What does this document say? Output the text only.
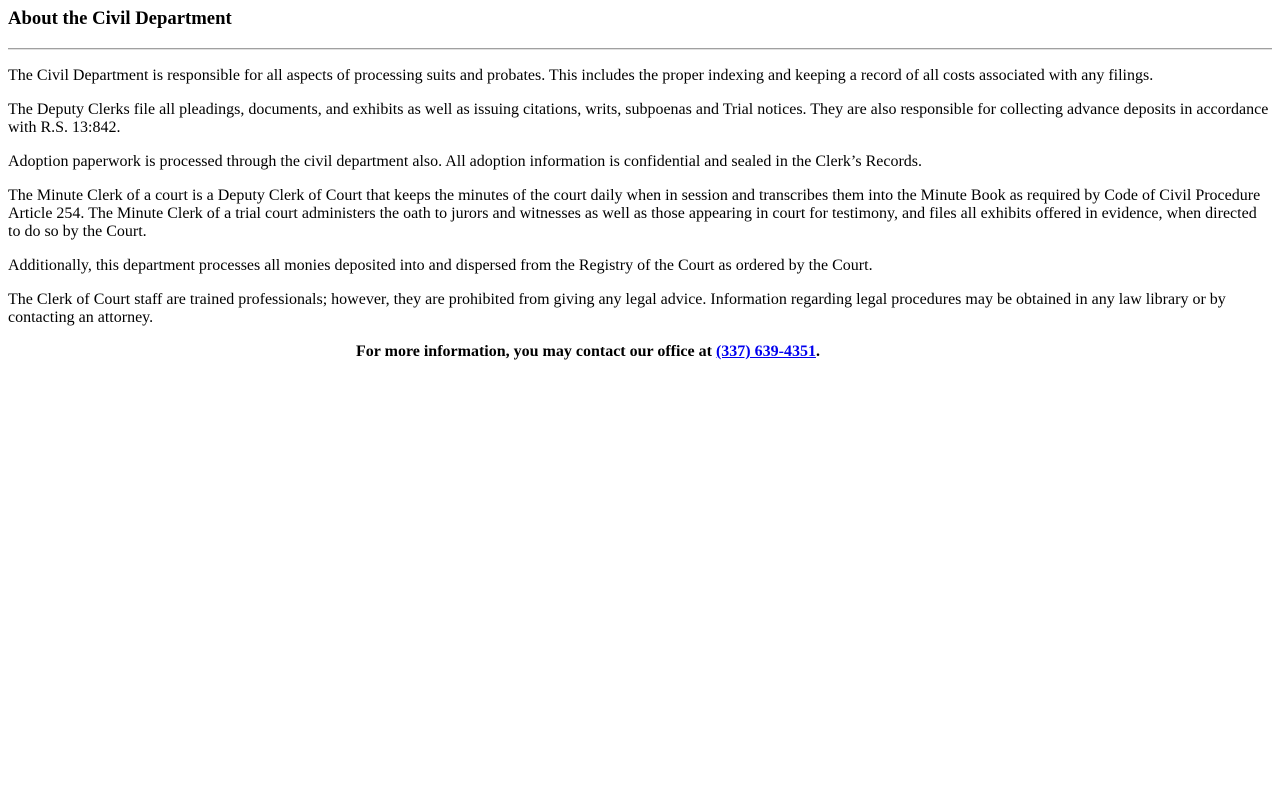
About the Civil Department

The Civil Department is responsible for all aspects of processing suits and probates. This includes the proper indexing and keeping a record of all costs associated with any filings.

The Deputy Clerks file all pleadings, documents, and exhibits as well as issuing citations, writs, subpoenas and Trial notices. They are also responsible for collecting advance deposits in accordance with R.S. 13:842.

Adoption paperwork is processed through the civil department also. All adoption information is confidential and sealed in the Clerk’s Records.

The Minute Clerk of a court is a Deputy Clerk of Court that keeps the minutes of the court daily when in session and transcribes them into the Minute Book as required by Code of Civil Procedure Article 254. The Minute Clerk of a trial court administers the oath to jurors and witnesses as well as those appearing in court for testimony, and files all exhibits offered in evidence, when directed to do so by the Court.

Additionally, this department processes all monies deposited into and dispersed from the Registry of the Court as ordered by the Court.

The Clerk of Court staff are trained professionals; however, they are prohibited from giving any legal advice. Information regarding legal procedures may be obtained in any law library or by contacting an attorney.

For more information, you may contact our office at (337) 639-4351.
